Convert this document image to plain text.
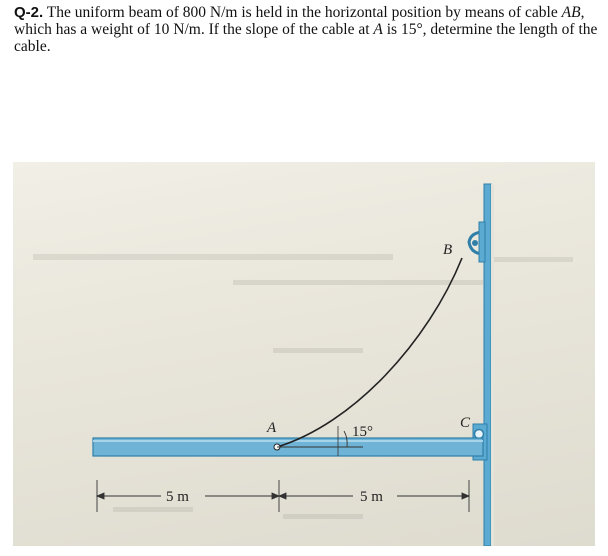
Q-2. The uniform beam of 800 N/m is held in the horizontal position by means of cable AB, which has a weight of 10 N/m. If the slope of the cable at A is 15°, determine the length of the cable.
A
B
C
15°
5 m	5 m
